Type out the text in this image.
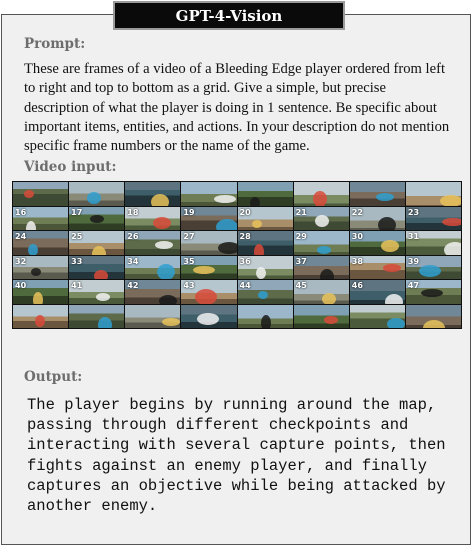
GPT-4-Vision
Prompt:
These are frames of a video of a Bleeding Edge player ordered from left to right and top to bottom as a grid. Give a simple, but precise description of what the player is doing in 1 sentence. Be specific about important items, entities, and actions. In your description do not mention specific frame numbers or the name of the game.
Video input:
16	17	18	19	20	21	22	23
24	25	26	27	28	29	30	31
32	33	34	35	36	37	38	39
40	41	42	43	44	45	46	47
Output:
The player begins by running around the map, passing through different checkpoints and interacting with several capture points, then fights against an enemy player, and finally captures an objective while being attacked by another enemy.
